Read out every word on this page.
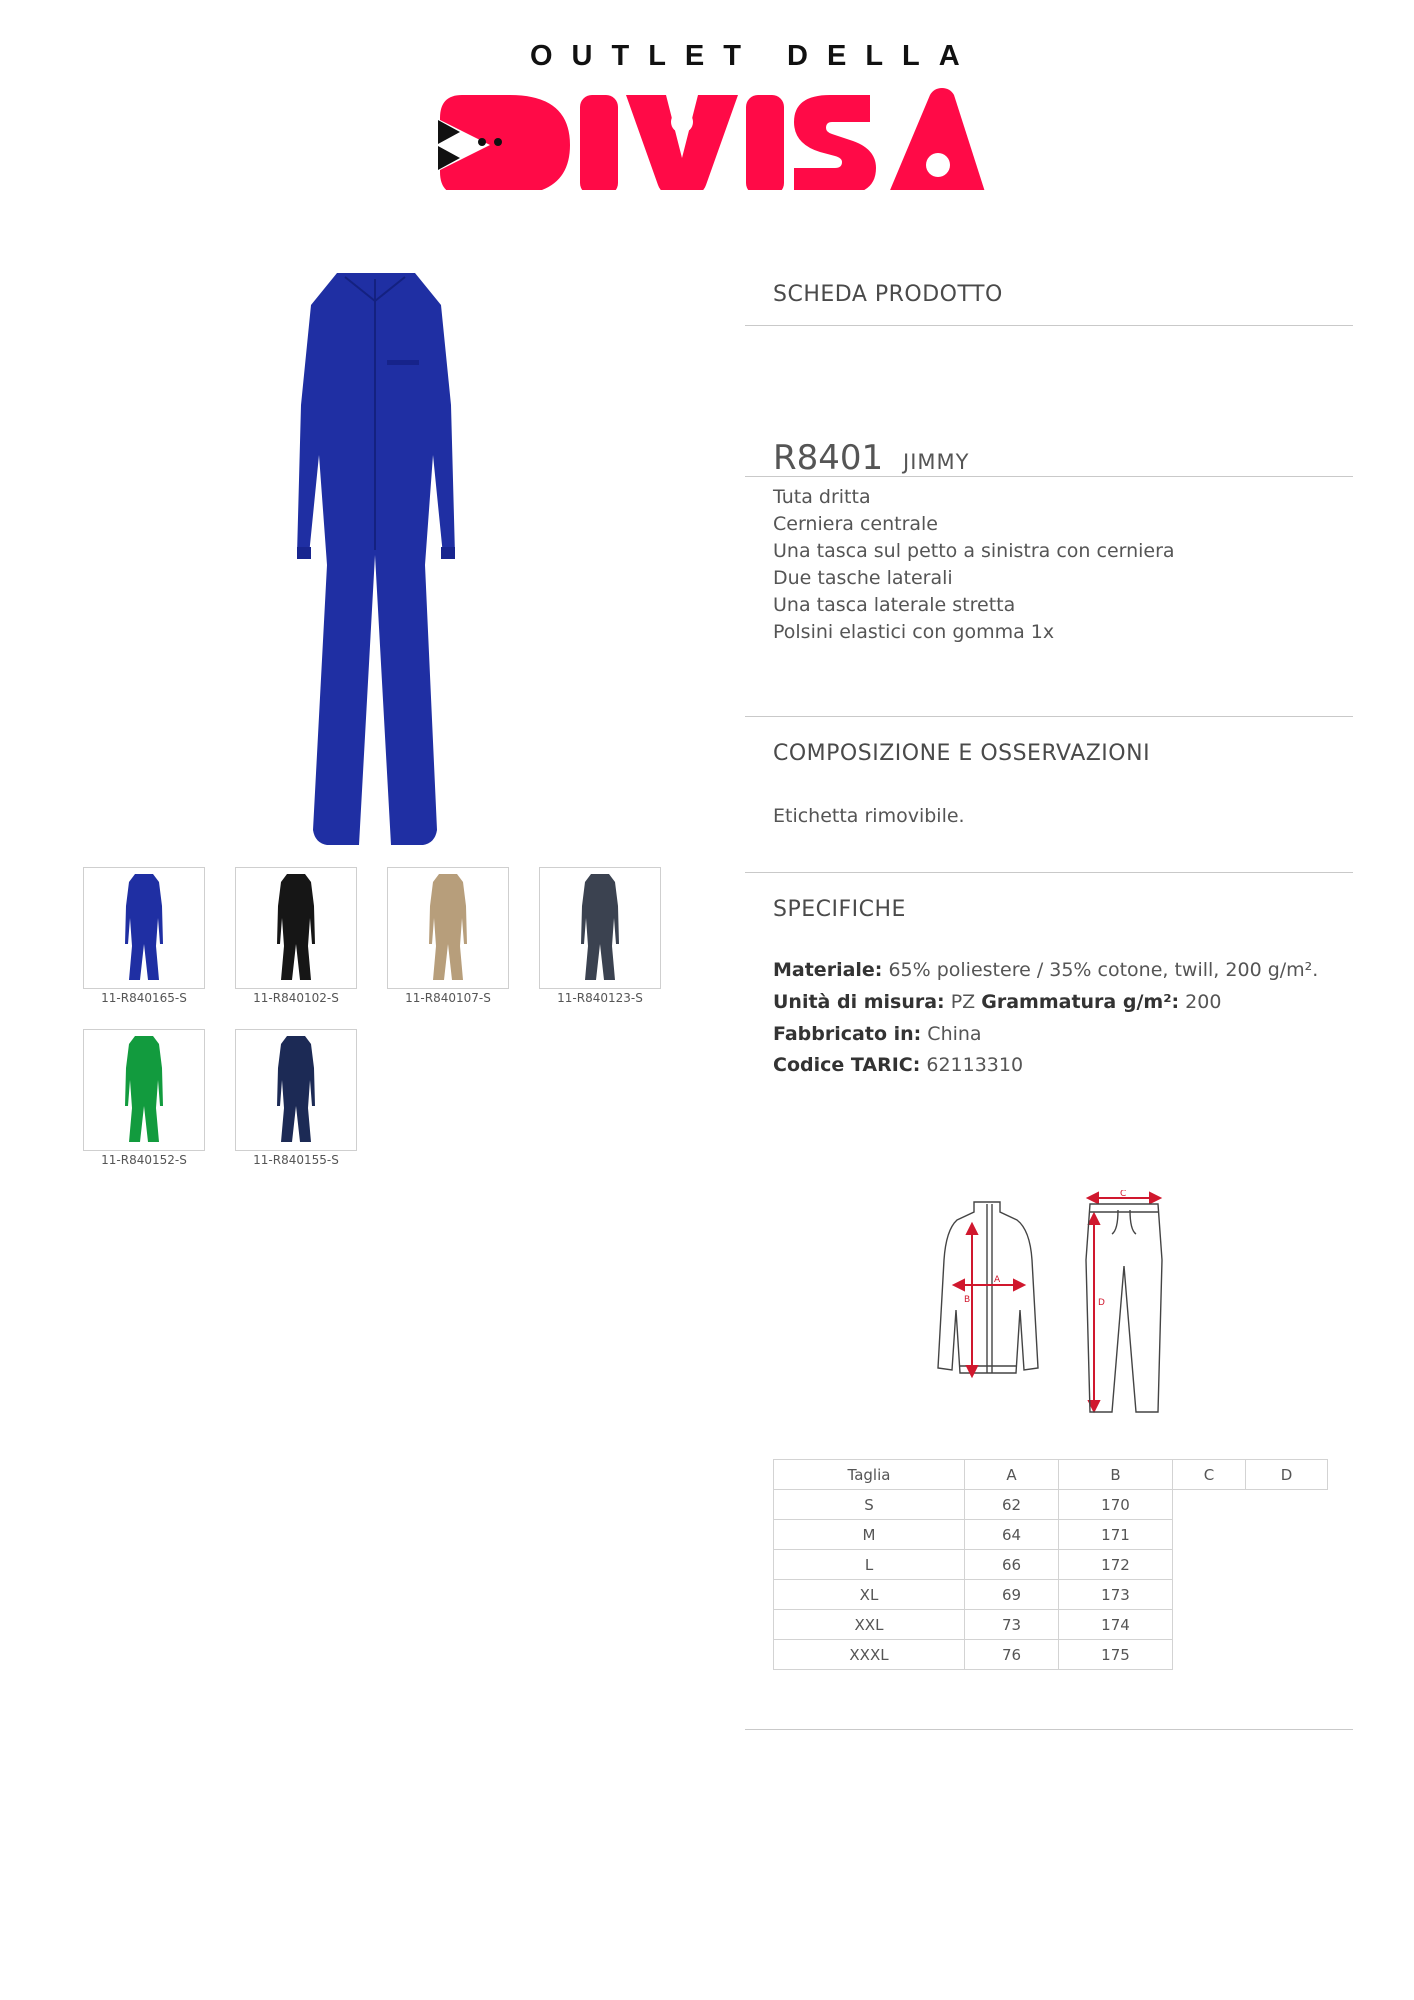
OUTLET DELLA
11-R840165-S	11-R840102-S	11-R840107-S	11-R840123-S
11-R840152-S	11-R840155-S
SCHEDA PRODOTTO
R8401 JIMMY
Tuta dritta
Cerniera centrale
Una tasca sul petto a sinistra con cerniera
Due tasche laterali
Una tasca laterale stretta
Polsini elastici con gomma 1x
COMPOSIZIONE E OSSERVAZIONI
Etichetta rimovibile.
SPECIFICHE
Materiale: 65% poliestere / 35% cotone, twill, 200 g/m².
Unità di misura: PZ Grammatura g/m²: 200
Fabbricato in: China
Codice TARIC: 62113310
A
B
C
D
Taglia	A	B	C	D
S	62	170		
M	64	171		
L	66	172		
XL	69	173		
XXL	73	174		
XXXL	76	175		
